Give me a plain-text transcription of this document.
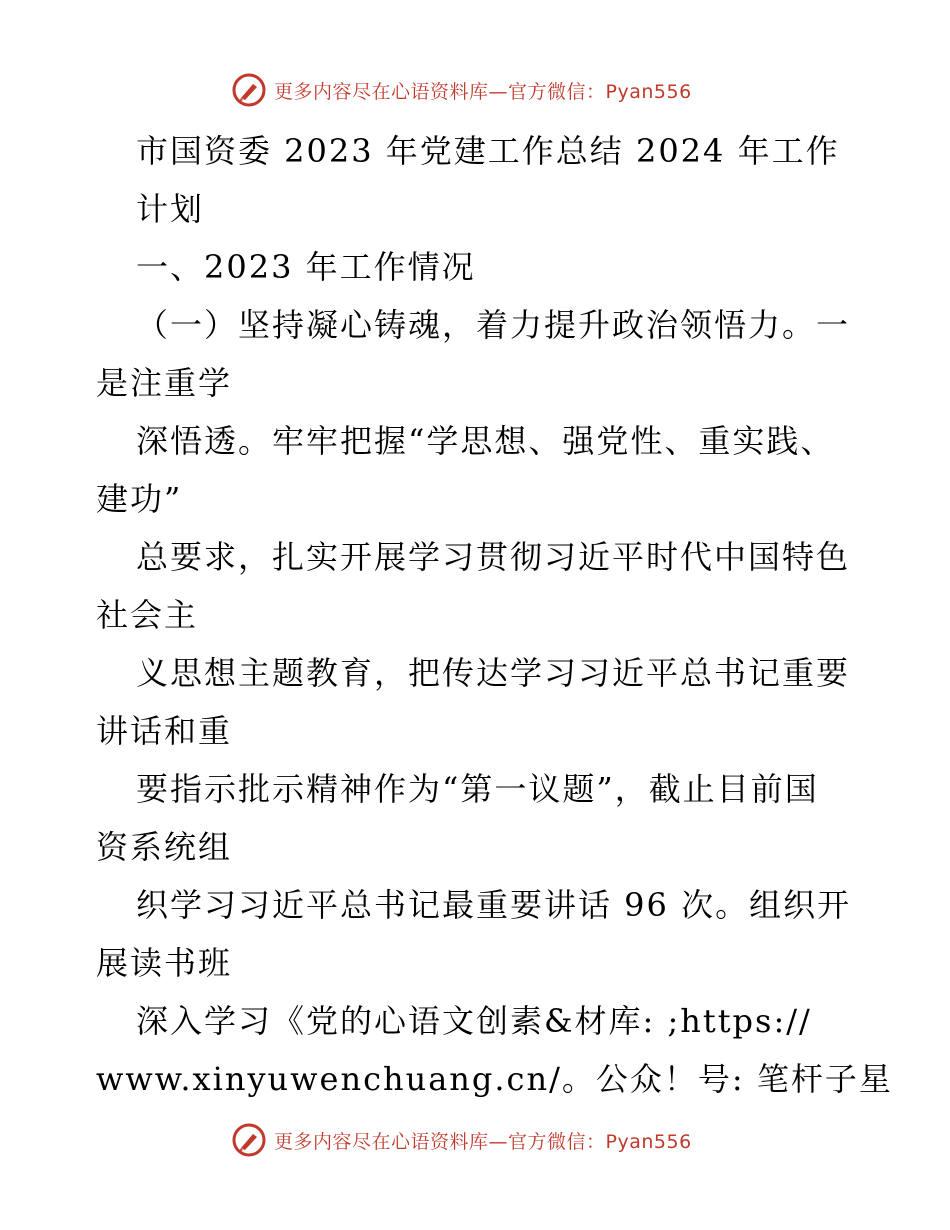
更多内容尽在心语资料库—官方微信：Pyan556
市国资委 2023 年党建工作总结 2024 年工作
计划
一、2023 年工作情况
（一）坚持凝心铸魂，着力提升政治领悟力。一
是注重学
深悟透。牢牢把握“学思想、强党性、重实践、
建功”
总要求，扎实开展学习贯彻习近平时代中国特色
社会主
义思想主题教育，把传达学习习近平总书记重要
讲话和重
要指示批示精神作为“第一议题”，截止目前国
资系统组
织学习习近平总书记最重要讲话 96 次。组织开
展读书班
深入学习《党的心语文创素&材库: ;https://
www.xinyuwenchuang.cn/。公众！号: 笔杆子星
更多内容尽在心语资料库—官方微信：Pyan556
